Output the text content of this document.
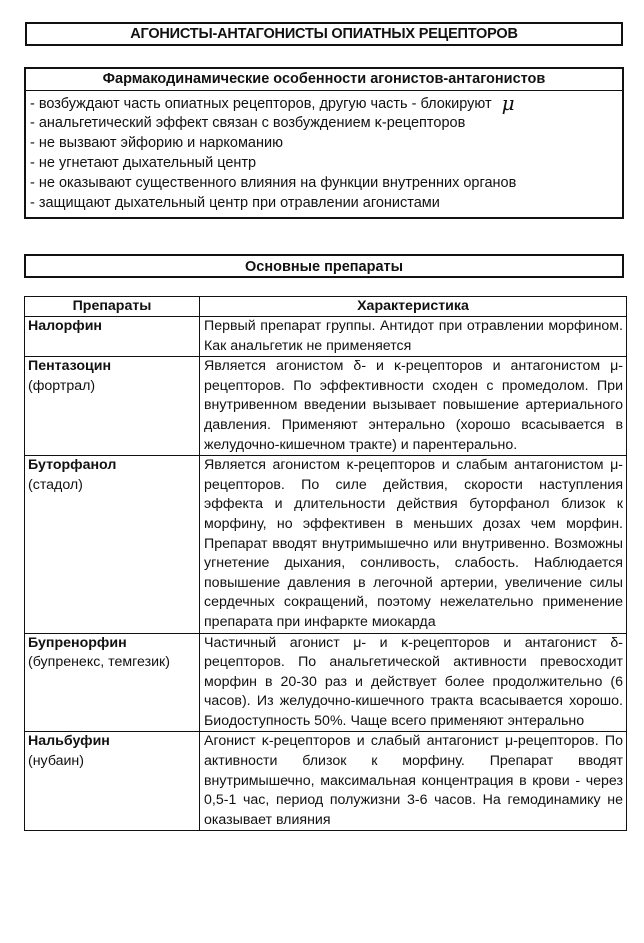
АГОНИСТЫ-АНТАГОНИСТЫ ОПИАТНЫХ РЕЦЕПТОРОВ
Фармакодинамические особенности агонистов-антагонистов
- возбуждают часть опиатных рецепторов, другую часть - блокируют μ
- анальгетический эффект связан с возбуждением κ-рецепторов
- не вызвают эйфорию и наркоманию
- не угнетают дыхательный центр
- не оказывают существенного влияния на функции внутренних органов
- защищают дыхательный центр при отравлении агонистами
Основные препараты
Препараты	Характеристика

Налорфин	Первый препарат группы. Антидот при отравлении морфином. Как анальгетик не применяется

Пентазоцин
(фортрал)	Является агонистом δ- и κ-рецепторов и антагонистом μ-рецепторов. По эффективности сходен с промедолом. При внутривенном введении вызывает повышение артериального давления. Применяют энтерально (хорошо всасывается в желудочно-кишечном тракте) и парентерально.

Буторфанол
(стадол)	Является агонистом κ-рецепторов и слабым антагонистом μ-рецепторов. По силе действия, скорости наступления эффекта и длительности действия буторфанол близок к морфину, но эффективен в меньших дозах чем морфин. Препарат вводят внутримышечно или внутривенно. Возможны угнетение дыхания, сонливость, слабость. Наблюдается повышение давления в легочной артерии, увеличение силы сердечных сокращений, поэтому нежелательно применение препарата при инфаркте миокарда

Бупренорфин
(бупренекс, темгезик)	Частичный агонист μ- и κ-рецепторов и антагонист δ-рецепторов. По анальгетической активности превосходит морфин в 20-30 раз и действует более продолжительно (6 часов). Из желудочно-кишечного тракта всасывается хорошо. Биодоступность 50%. Чаще всего применяют энтерально

Нальбуфин
(нубаин)	Агонист κ-рецепторов и слабый антагонист μ-рецепторов. По активности близок к морфину. Препарат вводят внутримышечно, максимальная концентрация в крови - через 0,5-1 час, период полужизни 3-6 часов. На гемодинамику не оказывает влияния
